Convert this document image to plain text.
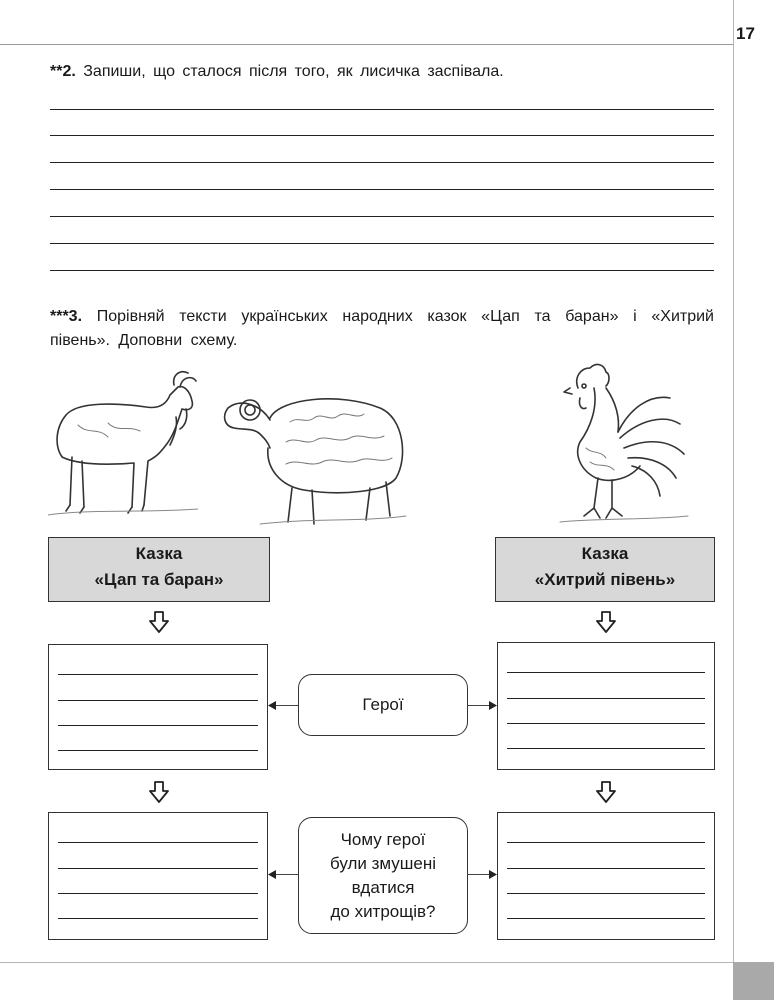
17
**2. Запиши, що сталося після того, як лисичка заспівала.
***3. Порівняй тексти українських народних казок «Цап та баран» і «Хитрий півень». Доповни схему.
Казка
«Цап та баран»
Казка
«Хитрий півень»
Герої
Чому герої
були змушені
вдатися
до хитрощів?
